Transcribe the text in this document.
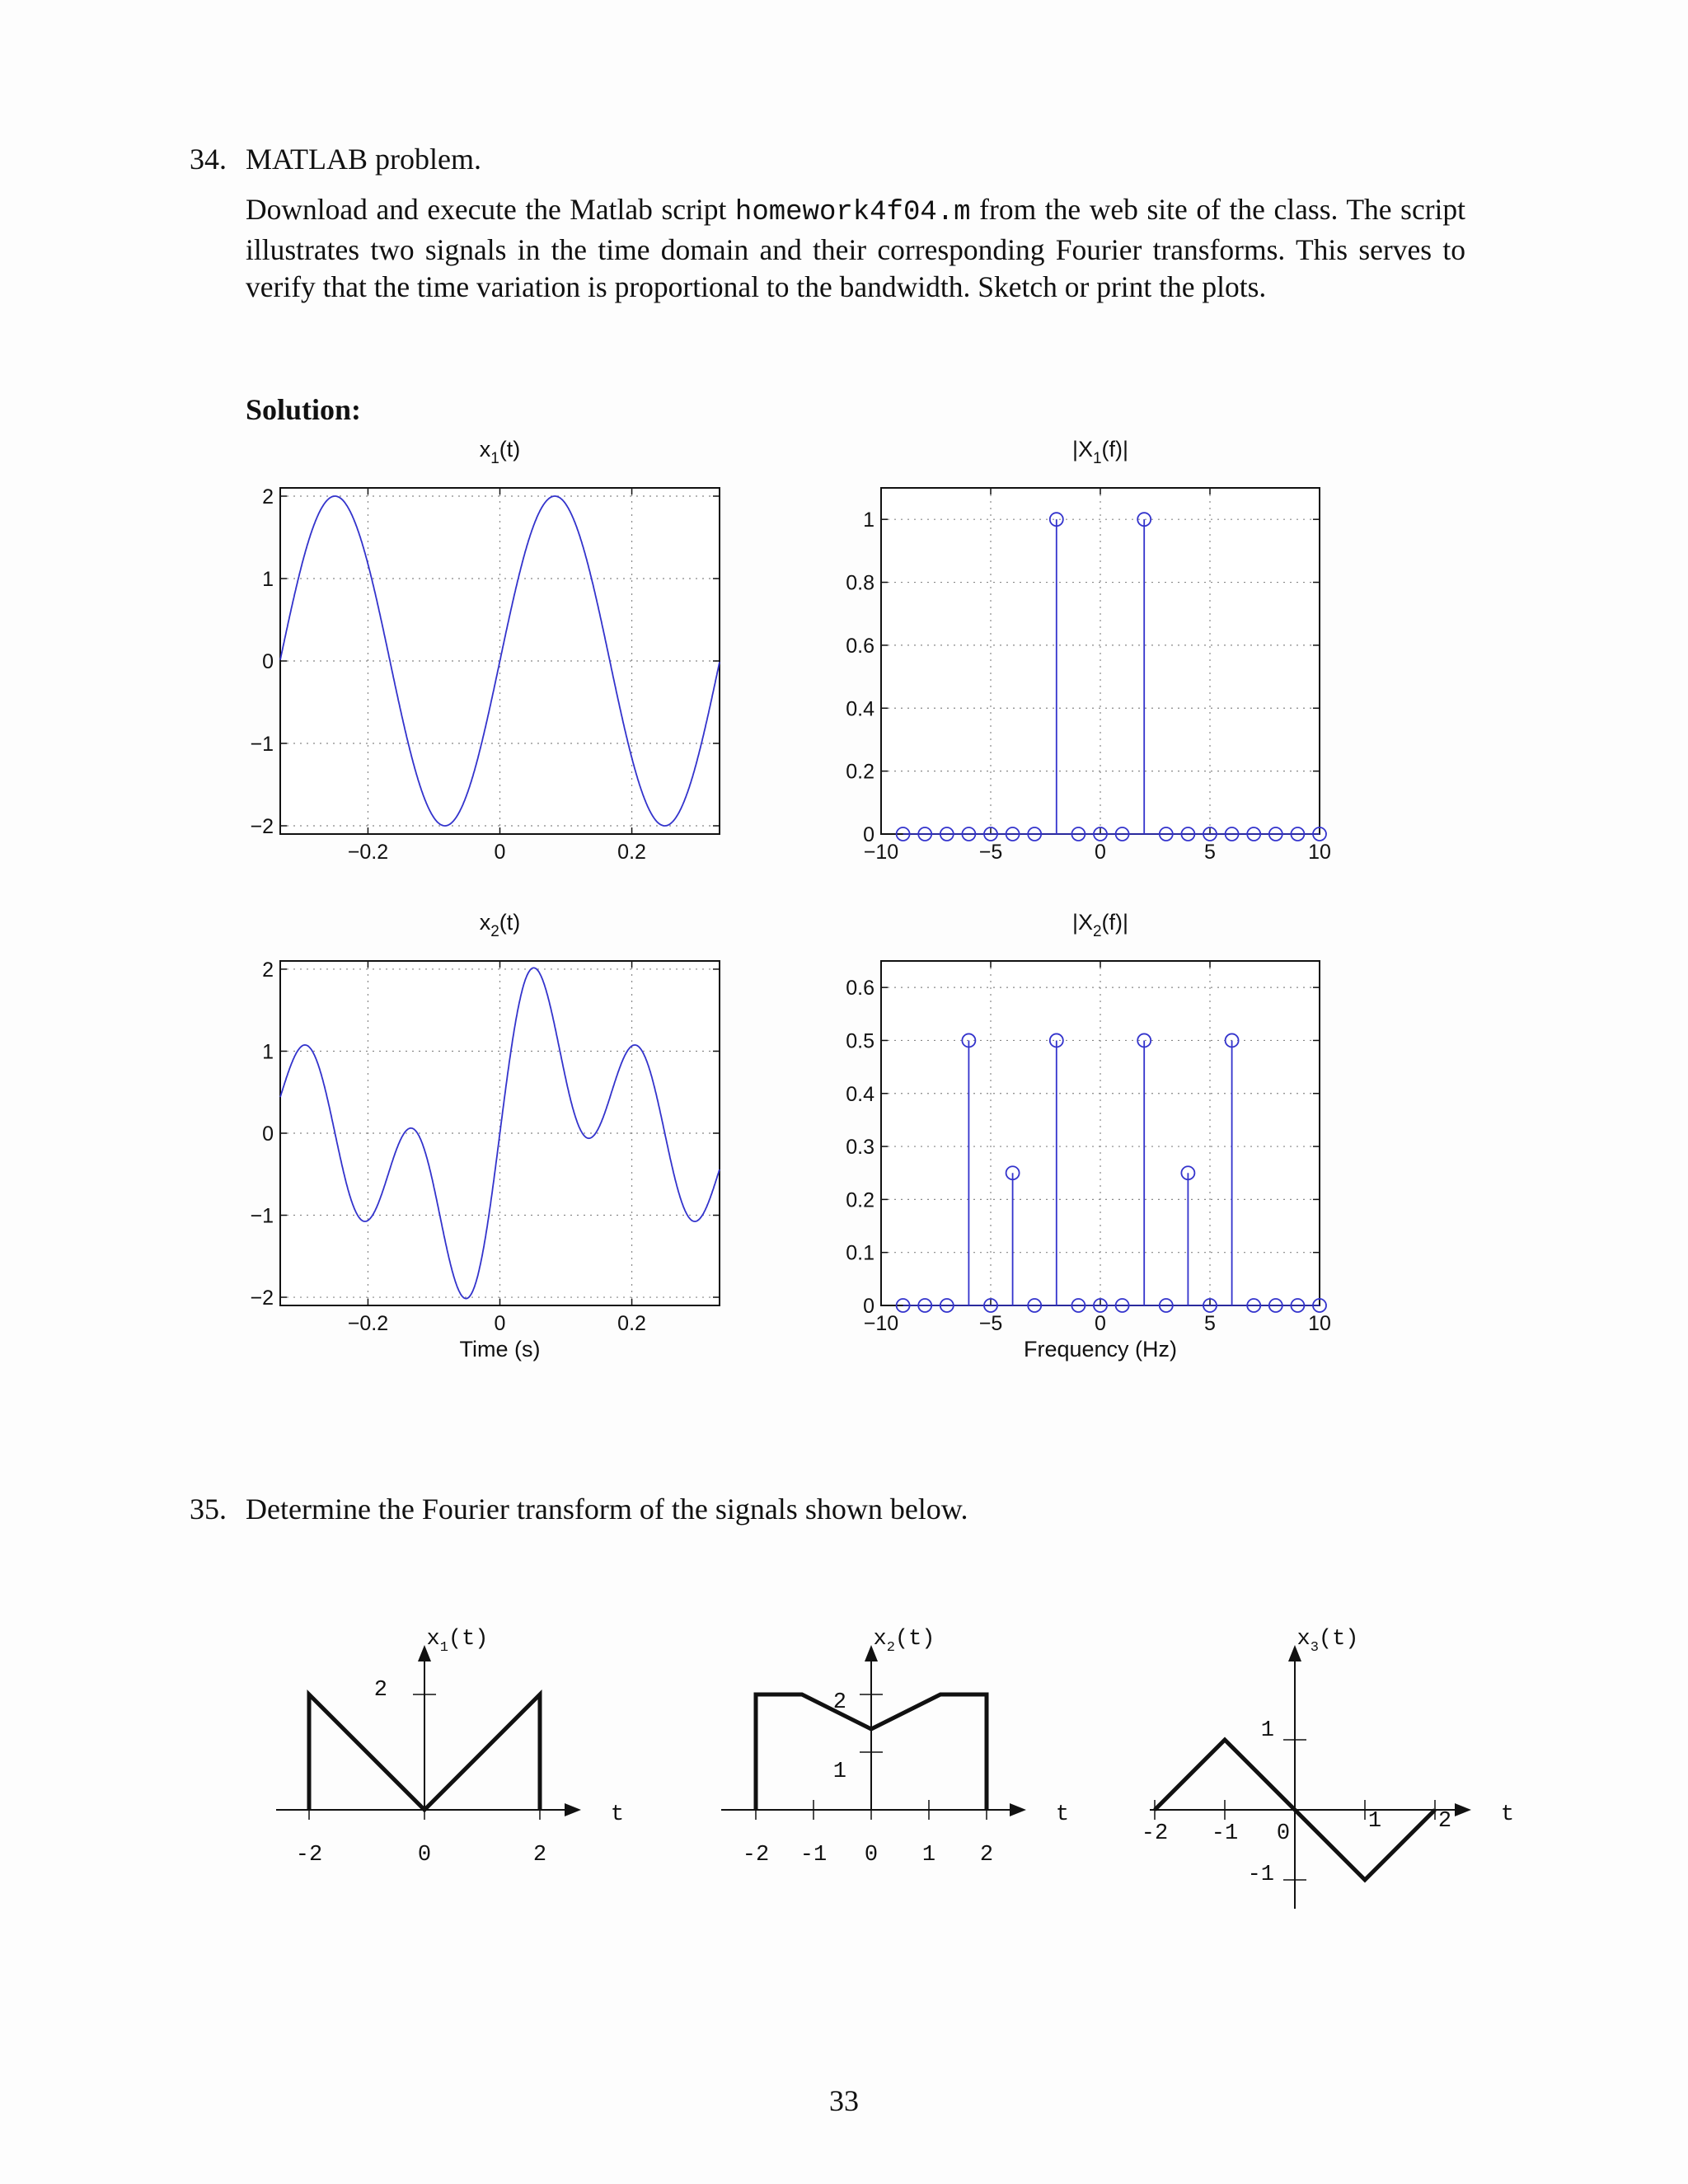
34. MATLAB problem.
Download and execute the Matlab script homework4f04.m from the web site of the class. The script illustrates two signals in the time domain and their corresponding Fourier transforms. This serves to verify that the time variation is proportional to the bandwidth. Sketch or print the plots.
Solution:
−0.2	0	0.2
−2
−1
0
1
2
$x_1(t)$
−10	−5	0	5	10
0
0.2
0.4
0.6
0.8
1
$|X_1(f)|$
−0.2	0	0.2
−2
−1
0
1
2
$x_2(t)$
Time (s)
−10	−5	0	5	10
0
0.1
0.2
0.3
0.4
0.5
0.6
$|X_2(f)|$
Frequency (Hz)
t
$x_1(t)$
-2	0	2
2
t
$x_2(t)$
-2 -1 0 1 2
2
1
t
$x_3(t)$
-2 -1 0	1	2
1
-1
35. Determine the Fourier transform of the signals shown below.
33
